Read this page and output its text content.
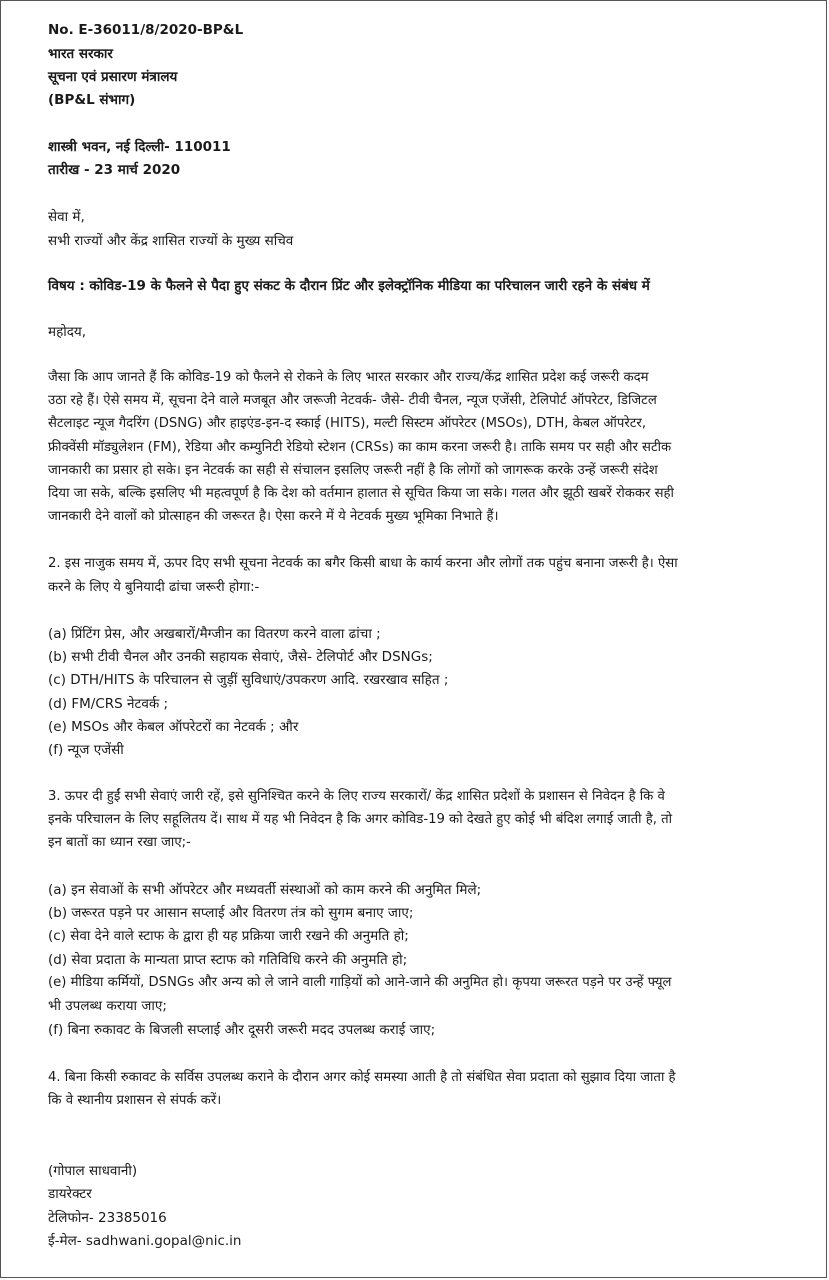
No. E-36011/8/2020-BP&L
भारत सरकार
सूचना एवं प्रसारण मंत्रालय
(BP&L संभाग)
शास्त्री भवन, नई दिल्ली- 110011
तारीख - 23 मार्च 2020
सेवा में,
सभी राज्यों और केंद्र शासित राज्यों के मुख्य सचिव
विषय : कोविड-19 के फैलने से पैदा हुए संकट के दौरान प्रिंट और इलेक्ट्रॉनिक मीडिया का परिचालन जारी रहने के संबंध में
महोदय,
जैसा कि आप जानते हैं कि कोविड-19 को फैलने से रोकने के लिए भारत सरकार और राज्य/केंद्र शासित प्रदेश कई जरूरी कदम
उठा रहे हैं। ऐसे समय में, सूचना देने वाले मजबूत और जरूजी नेटवर्क- जैसे- टीवी चैनल, न्यूज एजेंसी, टेलिपोर्ट ऑपरेटर, डिजिटल
सैटलाइट न्यूज गैदरिंग (DSNG) और हाइएंड-इन-द स्काई (HITS), मल्टी सिस्टम ऑपरेटर (MSOs), DTH, केबल ऑपरेटर,
फ्रीक्वेंसी मॉड्युलेशन (FM), रेडिया और कम्युनिटी रेडियो स्टेशन (CRSs) का काम करना जरूरी है। ताकि समय पर सही और सटीक
जानकारी का प्रसार हो सके। इन नेटवर्क का सही से संचालन इसलिए जरूरी नहीं है कि लोगों को जागरूक करके उन्हें जरूरी संदेश
दिया जा सके, बल्कि इसलिए भी महत्वपूर्ण है कि देश को वर्तमान हालात से सूचित किया जा सके। गलत और झूठी खबरें रोककर सही
जानकारी देने वालों को प्रोत्साहन की जरूरत है। ऐसा करने में ये नेटवर्क मुख्य भूमिका निभाते हैं।
2. इस नाजुक समय में, ऊपर दिए सभी सूचना नेटवर्क का बगैर किसी बाधा के कार्य करना और लोगों तक पहुंच बनाना जरूरी है। ऐसा
करने के लिए ये बुनियादी ढांचा जरूरी होगा:-
(a) प्रिंटिंग प्रेस, और अखबारों/मैग्जीन का वितरण करने वाला ढांचा ;
(b) सभी टीवी चैनल और उनकी सहायक सेवाएं, जैसे- टेलिपोर्ट और DSNGs;
(c) DTH/HITS के परिचालन से जुड़ीं सुविधाएं/उपकरण आदि. रखरखाव सहित ;
(d) FM/CRS नेटवर्क ;
(e) MSOs और केबल ऑपरेटरों का नेटवर्क ; और
(f) न्यूज एजेंसी
3. ऊपर दी हुईं सभी सेवाएं जारी रहें, इसे सुनिश्चित करने के लिए राज्य सरकारों/ केंद्र शासित प्रदेशों के प्रशासन से निवेदन है कि वे
इनके परिचालन के लिए सहूलितय दें। साथ में यह भी निवेदन है कि अगर कोविड-19 को देखते हुए कोई भी बंदिश लगाई जाती है, तो
इन बातों का ध्यान रखा जाए;-
(a) इन सेवाओं के सभी ऑपरेटर और मध्यवर्ती संस्थाओं को काम करने की अनुमित मिले;
(b) जरूरत पड़ने पर आसान सप्लाई और वितरण तंत्र को सुगम बनाए जाए;
(c) सेवा देने वाले स्टाफ के द्वारा ही यह प्रक्रिया जारी रखने की अनुमति हो;
(d) सेवा प्रदाता के मान्यता प्राप्त स्टाफ को गतिविधि करने की अनुमति हो;
(e) मीडिया कर्मियों, DSNGs और अन्य को ले जाने वाली गाड़ियों को आने-जाने की अनुमित हो। कृपया जरूरत पड़ने पर उन्हें फ्यूल
भी उपलब्ध कराया जाए;
(f) बिना रुकावट के बिजली सप्लाई और दूसरी जरूरी मदद उपलब्ध कराई जाए;
4. बिना किसी रुकावट के सर्विस उपलब्ध कराने के दौरान अगर कोई समस्या आती है तो संबंधित सेवा प्रदाता को सुझाव दिया जाता है
कि वे स्थानीय प्रशासन से संपर्क करें।
(गोपाल साधवानी)
डायरेक्टर
टेलिफोन- 23385016
ई-मेल- sadhwani.gopal@nic.in
